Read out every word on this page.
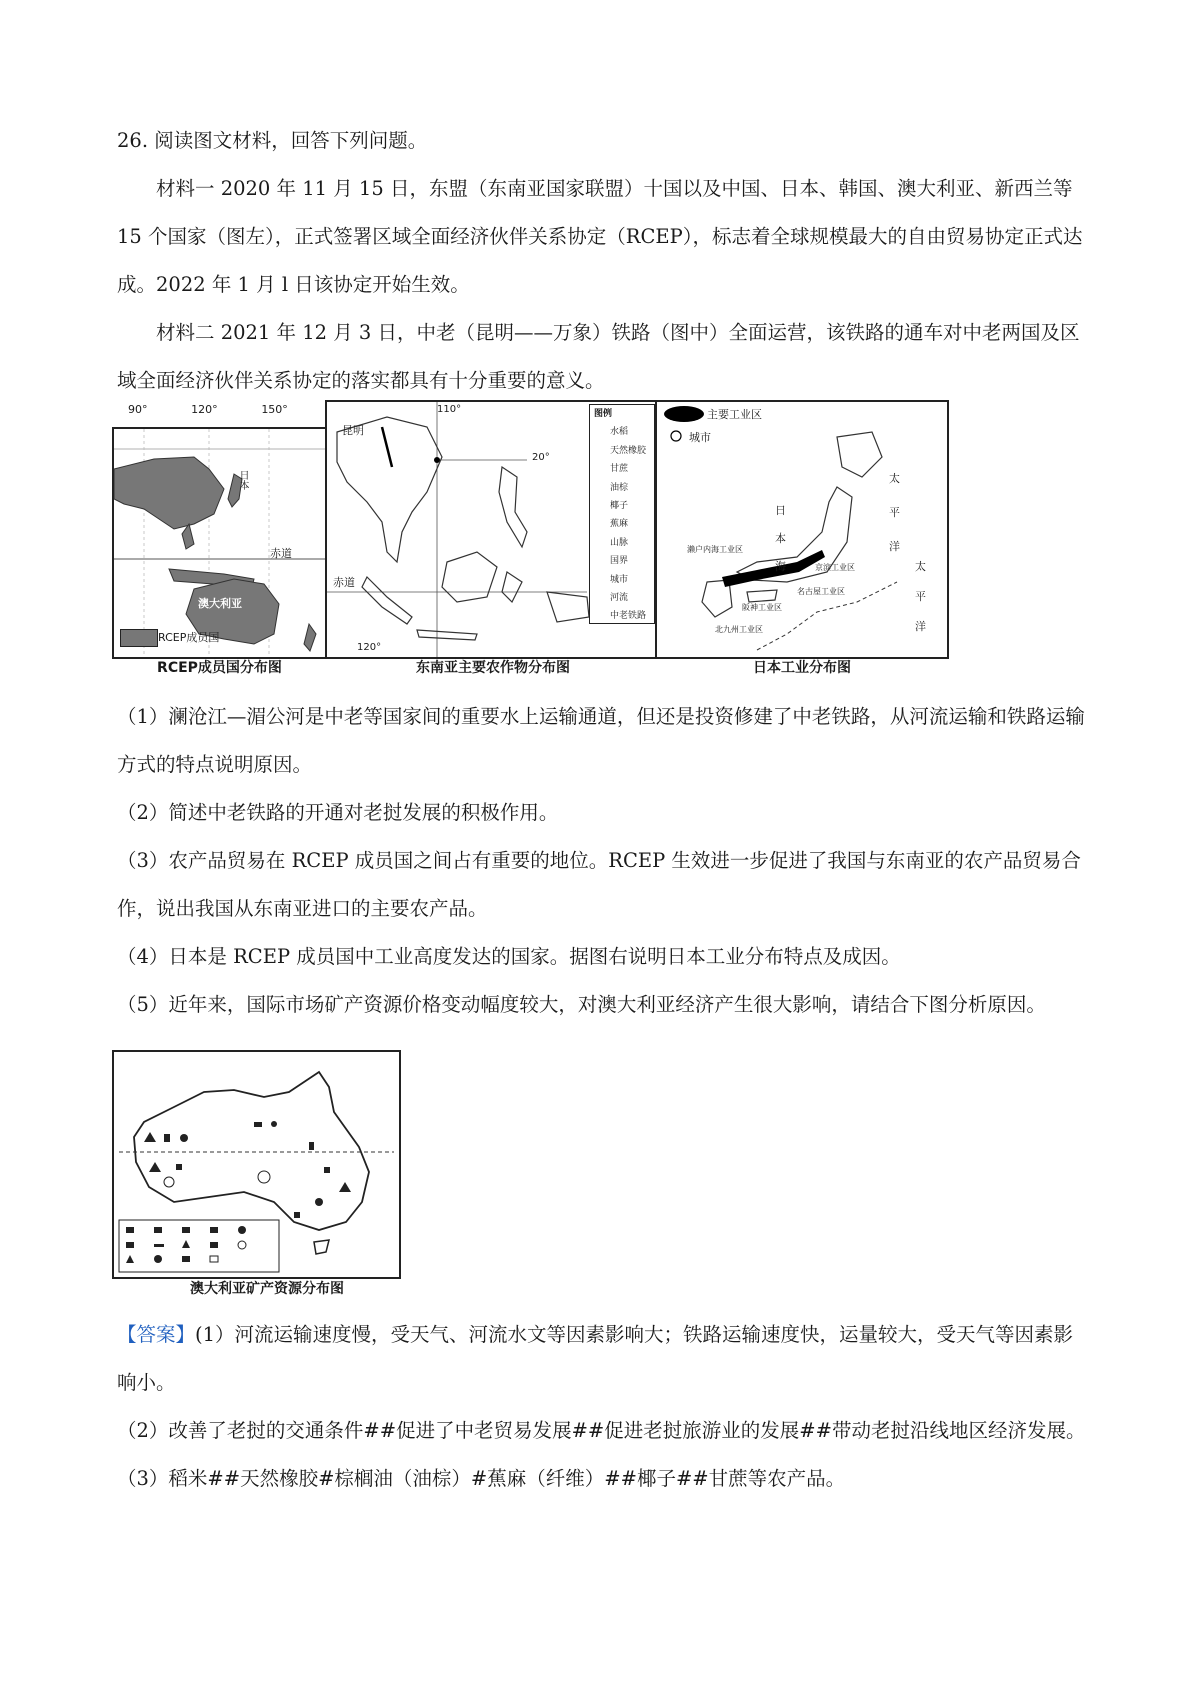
26. 阅读图文材料，回答下列问题。
材料一 2020 年 11 月 15 日，东盟（东南亚国家联盟）十国以及中国、日本、韩国、澳大利亚、新西兰等 15 个国家（图左），正式签署区域全面经济伙伴关系协定（RCEP），标志着全球规模最大的自由贸易协定正式达成。2022 年 1 月 l 日该协定开始生效。
材料二 2021 年 12 月 3 日，中老（昆明——万象）铁路（图中）全面运营，该铁路的通车对中老两国及区域全面经济伙伴关系协定的落实都具有十分重要的意义。
90°	120°	150°
日本
赤道
澳大利亚
RCEP成员国
RCEP成员国分布图
昆明
110°
20°
赤道
120°
图例
水稻
天然橡胶
甘蔗
油棕
椰子
蕉麻
山脉
国界
城市
河流
中老铁路
东南亚主要农作物分布图
主要工业区
城市
日
本
海
太
平
洋
太
平
洋
濑户内海工业区
京滨工业区
阪神工业区
名古屋工业区
北九州工业区
日本工业分布图
（1）澜沧江—湄公河是中老等国家间的重要水上运输通道，但还是投资修建了中老铁路，从河流运输和铁路运输方式的特点说明原因。
（2）简述中老铁路的开通对老挝发展的积极作用。
（3）农产品贸易在 RCEP 成员国之间占有重要的地位。RCEP 生效进一步促进了我国与东南亚的农产品贸易合作，说出我国从东南亚进口的主要农产品。
（4）日本是 RCEP 成员国中工业高度发达的国家。据图右说明日本工业分布特点及成因。
（5）近年来，国际市场矿产资源价格变动幅度较大，对澳大利亚经济产生很大影响，请结合下图分析原因。
澳大利亚矿产资源分布图
【答案】(1）河流运输速度慢，受天气、河流水文等因素影响大；铁路运输速度快，运量较大，受天气等因素影响小。
（2）改善了老挝的交通条件##促进了中老贸易发展##促进老挝旅游业的发展##带动老挝沿线地区经济发展。
（3）稻米##天然橡胶#棕榈油（油棕）#蕉麻（纤维）##椰子##甘蔗等农产品。
